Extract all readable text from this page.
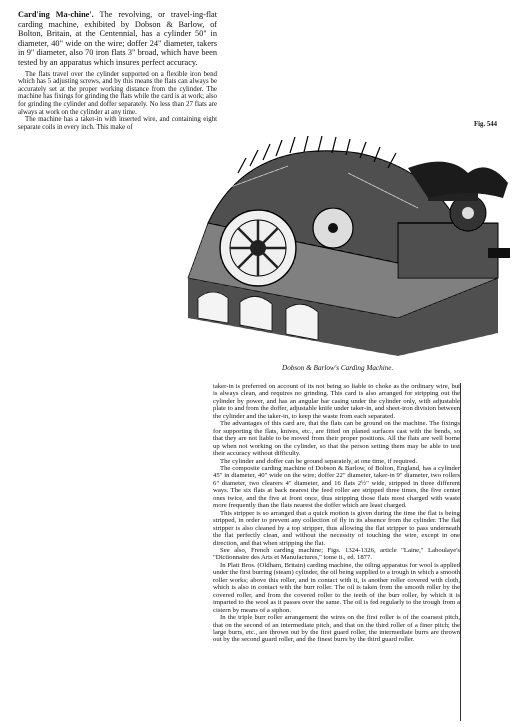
Card'ing Ma-chine'. The revolving, or travel-ing-flat carding machine, exhibited by Dobson & Barlow, of Bolton, Britain, at the Centennial, has a cylinder 50" in diameter, 40" wide on the wire; doffer 24" diameter, takers in 9" diameter, also 70 iron flats 3" broad, which have been tested by an apparatus which insures perfect accuracy.

The flats travel over the cylinder supported on a flexible iron bend which has 5 adjusting screws, and by this means the flats can always be accurately set at the proper working distance from the cylinder. The machine has fixings for grinding the flats while the card is at work; also for grinding the cylinder and doffer separately. No less than 27 flats are always at work on the cylinder at any time.

The machine has a taker-in with inserted wire, and containing eight separate coils in every inch. This make of	Fig. 544
Dobson & Barlow's Carding Machine.

taker-in is preferred on account of its not being so liable to choke as the ordinary wire, but is always clean, and requires no grinding. This card is also arranged for stripping out the cylinder by power, and has an angular bar casing under the cylinder only, with adjustable plate to and from the doffer, adjustable knife under taker-in, and sheet-iron division between the cylinder and the taker-in, to keep the waste from each separated.

The advantages of this card are, that the flats can be ground on the machine. The fixings for supporting the flats, knives, etc., are fitted on planed surfaces cast with the bends, so that they are not liable to be moved from their proper positions. All the flats are well borne up when not working on the cylinder, so that the person setting them may be able to test their accuracy without difficulty.

The cylinder and doffer can be ground separately, at one time, if required.

The composite carding machine of Dobson & Barlow, of Bolton, England, has a cylinder 45" in diameter, 40" wide on the wire; doffer 22" diameter, taker-in 9" diameter, two rollers 6" diameter, two clearers 4" diameter, and 16 flats 2½" wide, stripped in three different ways. The six flats at back nearest the feed roller are stripped three times, the five center ones twice, and the five at front once, thus stripping those flats most charged with waste more frequently than the flats nearest the doffer which are least charged.

This stripper is so arranged that a quick motion is given during the time the flat is being stripped, in order to prevent any collection of fly in its absence from the cylinder. The flat stripper is also cleaned by a top stripper, thus allowing the flat stripper to pass underneath the flat perfectly clean, and without the necessity of touching the wire, except in one direction, and that when stripping the flat.

See also, French carding machine; Figs. 1324-1326, article "Laine," Laboulaye's "Dictionnaire des Arts et Manufactures," tome ii., ed. 1877.

In Platt Bros. (Oldham, Britain) carding machine, the oiling apparatus for wool is applied under the first burring (steam) cylinder, the oil being supplied to a trough in which a smooth roller works; above this roller, and in contact with it, is another roller covered with cloth, which is also in contact with the burr roller. The oil is taken from the smooth roller by the covered roller, and from the covered roller to the teeth of the burr roller, by which it is imparted to the wool as it passes over the same. The oil is fed regularly to the trough from a cistern by means of a siphon.

In the triple burr roller arrangement the wires on the first roller is of the coarsest pitch, that on the second of an intermediate pitch, and that on the third roller of a finer pitch; the large burrs, etc., are thrown out by the first guard roller, the intermediate burrs are thrown out by the second guard roller, and the finest burrs by the third guard roller.
